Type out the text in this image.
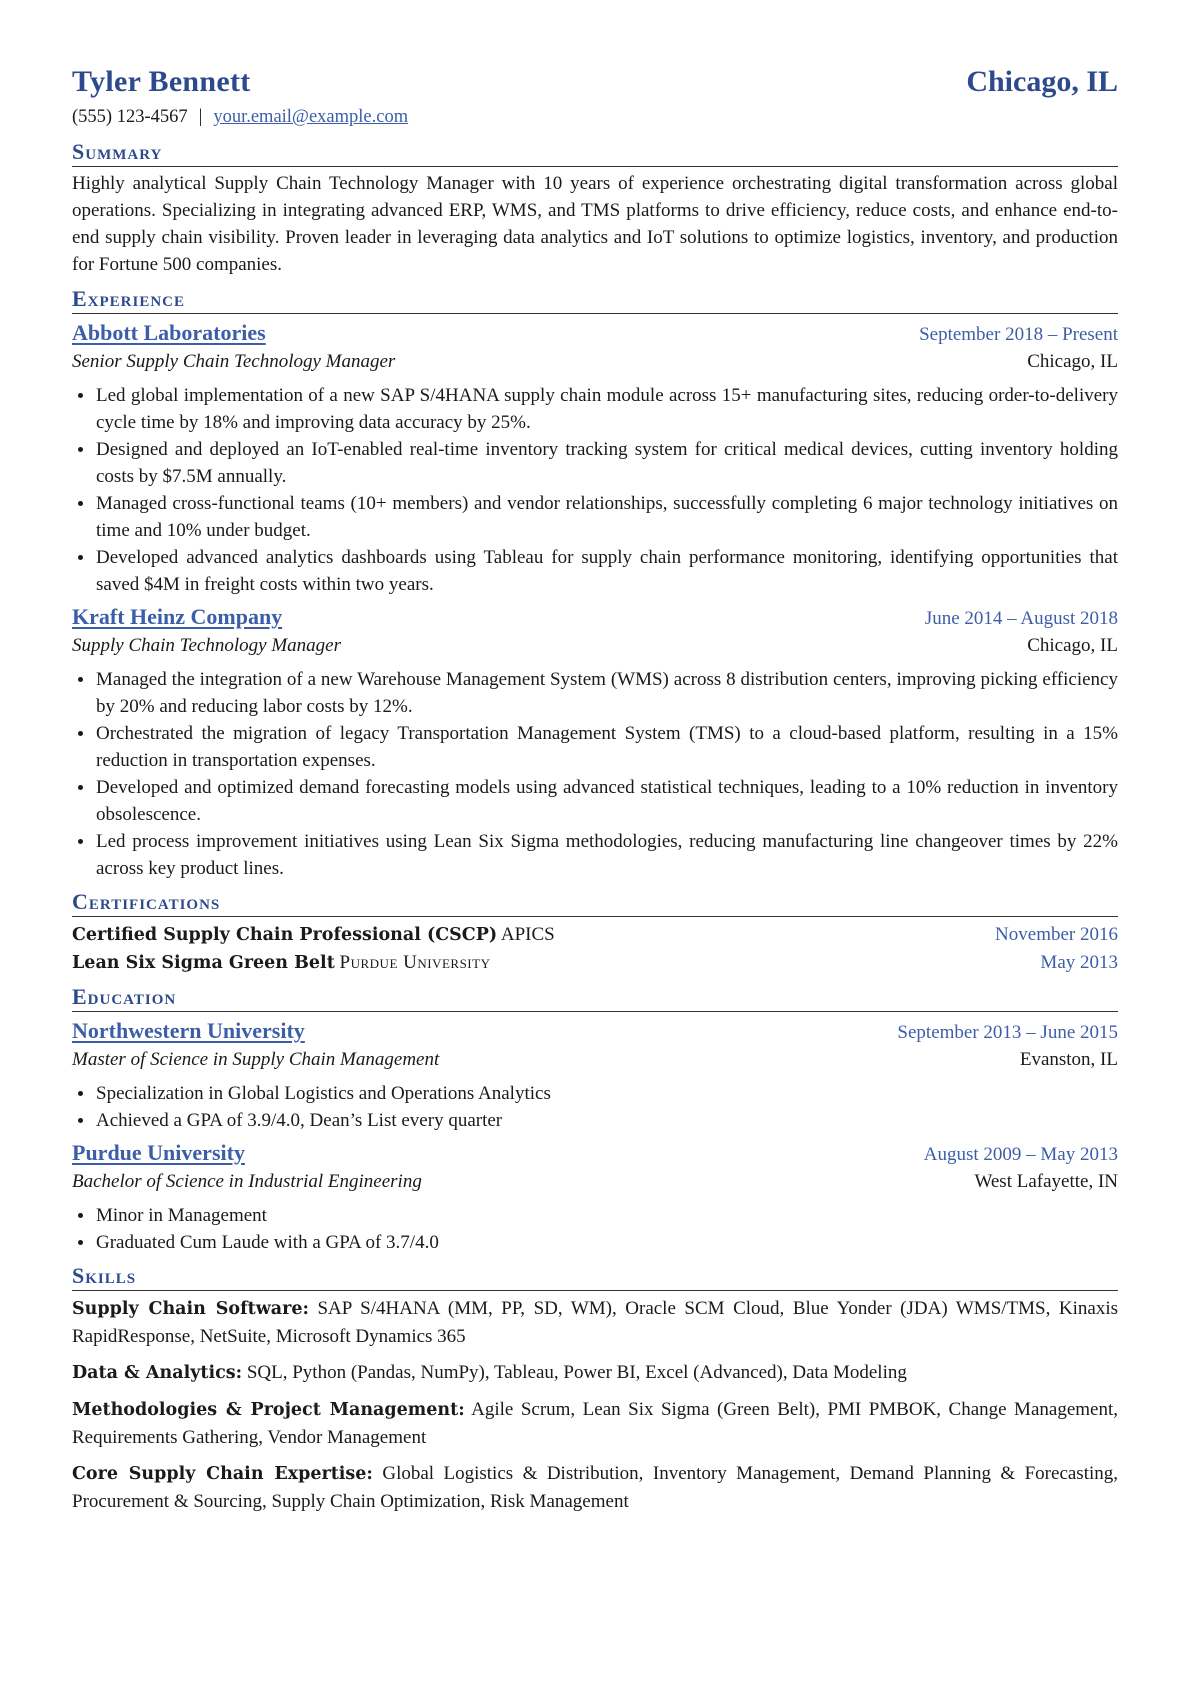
Tyler Bennett	Chicago, IL
(555) 123-4567 | your.email@example.com
Summary

Highly analytical Supply Chain Technology Manager with 10 years of experience orchestrating digital transformation across global operations. Specializing in integrating advanced ERP, WMS, and TMS platforms to drive efficiency, reduce costs, and enhance end-to-end supply chain visibility. Proven leader in leveraging data analytics and IoT solutions to optimize logistics, inventory, and production for Fortune 500 companies.

Experience
Abbott Laboratories	September 2018 – Present
Senior Supply Chain Technology Manager	Chicago, IL
Led global implementation of a new SAP S/4HANA supply chain module across 15+ manufacturing sites, reducing order-to-delivery cycle time by 18% and improving data accuracy by 25%.
Designed and deployed an IoT-enabled real-time inventory tracking system for critical medical devices, cutting inventory holding costs by $7.5M annually.
Managed cross-functional teams (10+ members) and vendor relationships, successfully completing 6 major technology initiatives on time and 10% under budget.
Developed advanced analytics dashboards using Tableau for supply chain performance monitoring, identifying opportunities that saved $4M in freight costs within two years.
Kraft Heinz Company	June 2014 – August 2018
Supply Chain Technology Manager	Chicago, IL
Managed the integration of a new Warehouse Management System (WMS) across 8 distribution centers, improving picking efficiency by 20% and reducing labor costs by 12%.
Orchestrated the migration of legacy Transportation Management System (TMS) to a cloud-based platform, resulting in a 15% reduction in transportation expenses.
Developed and optimized demand forecasting models using advanced statistical techniques, leading to a 10% reduction in inventory obsolescence.
Led process improvement initiatives using Lean Six Sigma methodologies, reducing manufacturing line changeover times by 22% across key product lines.
Certifications
Certified Supply Chain Professional (CSCP) APICS	November 2016
Lean Six Sigma Green Belt Purdue University	May 2013
Education
Northwestern University	September 2013 – June 2015
Master of Science in Supply Chain Management	Evanston, IL
Specialization in Global Logistics and Operations Analytics
Achieved a GPA of 3.9/4.0, Dean’s List every quarter
Purdue University	August 2009 – May 2013
Bachelor of Science in Industrial Engineering	West Lafayette, IN
Minor in Management
Graduated Cum Laude with a GPA of 3.7/4.0
Skills

Supply Chain Software: SAP S/4HANA (MM, PP, SD, WM), Oracle SCM Cloud, Blue Yonder (JDA) WMS/TMS, Kinaxis RapidResponse, NetSuite, Microsoft Dynamics 365

Data & Analytics: SQL, Python (Pandas, NumPy), Tableau, Power BI, Excel (Advanced), Data Modeling

Methodologies & Project Management: Agile Scrum, Lean Six Sigma (Green Belt), PMI PMBOK, Change Management, Requirements Gathering, Vendor Management

Core Supply Chain Expertise: Global Logistics & Distribution, Inventory Management, Demand Planning & Forecasting, Procurement & Sourcing, Supply Chain Optimization, Risk Management
